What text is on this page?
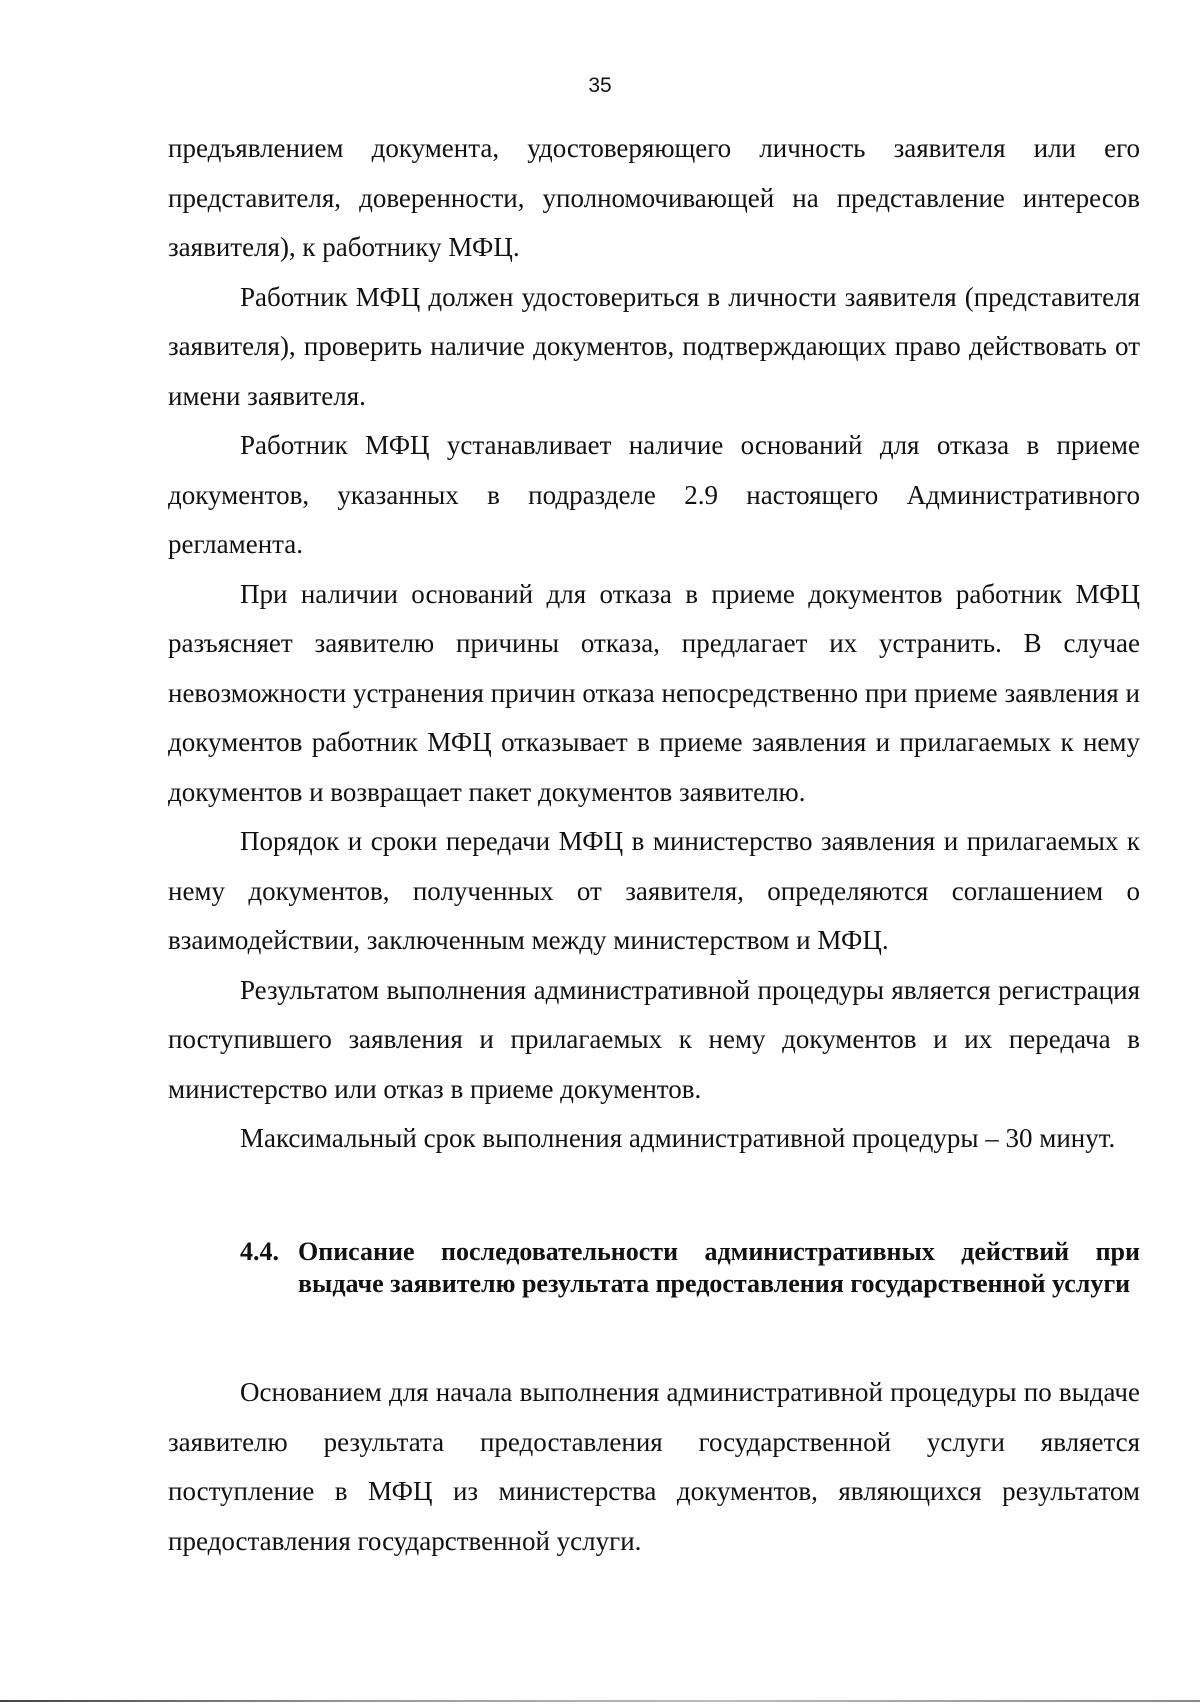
35

предъявлением документа, удостоверяющего личность заявителя или его представителя, доверенности, уполномочивающей на представление интересов заявителя), к работнику МФЦ.

Работник МФЦ должен удостовериться в личности заявителя (представителя заявителя), проверить наличие документов, подтверждающих право действовать от имени заявителя.

Работник МФЦ устанавливает наличие оснований для отказа в приеме документов, указанных в подразделе 2.9 настоящего Административного регламента.

При наличии оснований для отказа в приеме документов работник МФЦ разъясняет заявителю причины отказа, предлагает их устранить. В случае невозможности устранения причин отказа непосредственно при приеме заявления и документов работник МФЦ отказывает в приеме заявления и прилагаемых к нему документов и возвращает пакет документов заявителю.

Порядок и сроки передачи МФЦ в министерство заявления и прилагаемых к нему документов, полученных от заявителя, определяются соглашением о взаимодействии, заключенным между министерством и МФЦ.

Результатом выполнения административной процедуры является регистрация поступившего заявления и прилагаемых к нему документов и их передача в министерство или отказ в приеме документов.

Максимальный срок выполнения административной процедуры – 30 минут.

4.4. Описание последовательности административных действий при выдаче заявителю результата предоставления государственной услуги

Основанием для начала выполнения административной процедуры по выдаче заявителю результата предоставления государственной услуги является поступление в МФЦ из министерства документов, являющихся результатом предоставления государственной услуги.
